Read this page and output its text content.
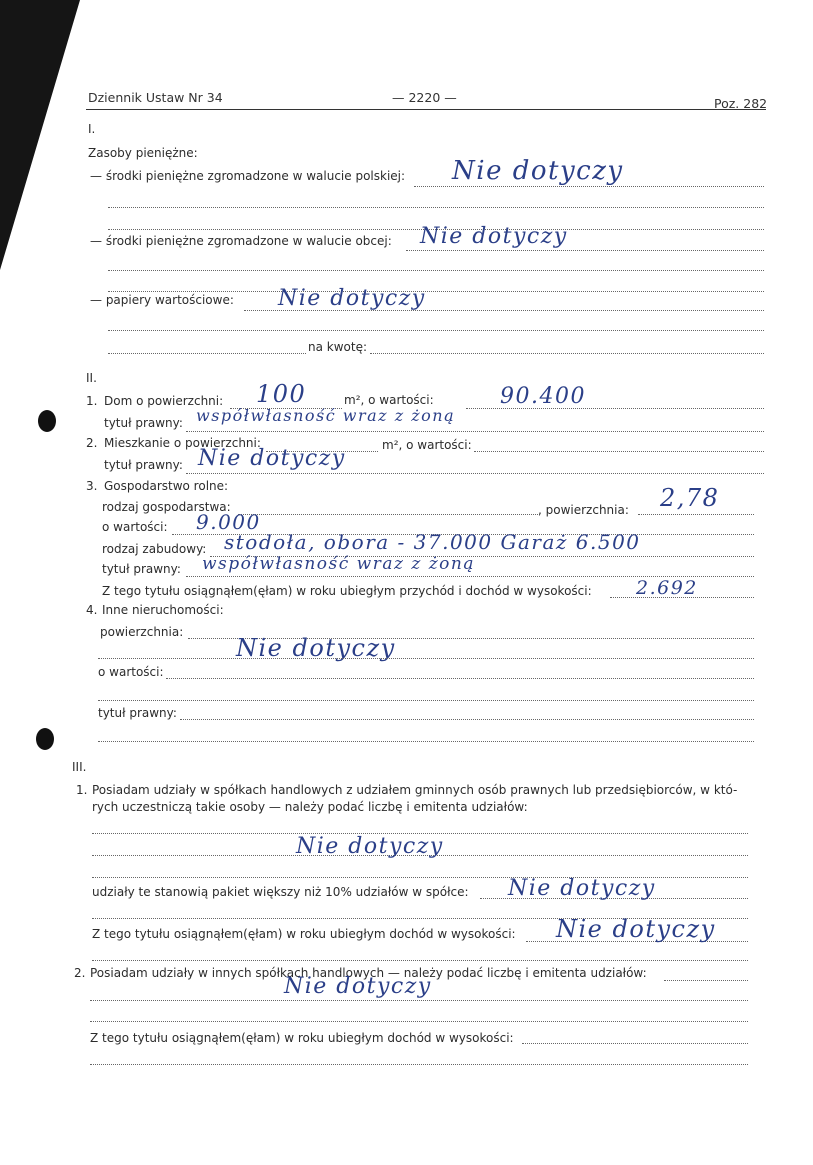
Dziennik Ustaw Nr 34	— 2220 —	Poz. 282
I.
Zasoby pieniężne:
— środki pieniężne zgromadzone w walucie polskiej: Nie dotyczy
— środki pieniężne zgromadzone w walucie obcej: Nie dotyczy
— papiery wartościowe: Nie dotyczy
na kwotę:
II.
1. Dom o powierzchni: 100	m², o wartości:	90.400
tytuł prawny: współwłasność wraz z żoną
2. Mieszkanie o powierzchni:	m², o wartości:
tytuł prawny: Nie dotyczy
3. Gospodarstwo rolne:
rodzaj gospodarstwa:	, powierzchnia: 2,78
o wartości: 9.000
rodzaj zabudowy: stodoła, obora - 37.000 Garaż 6.500
tytuł prawny: współwłasność wraz z żoną
Z tego tytułu osiągnąłem(ęłam) w roku ubiegłym przychód i dochód w wysokości: 2.692
4. Inne nieruchomości:
powierzchnia:
Nie dotyczy
o wartości:
tytuł prawny:
III.
1. Posiadam udziały w spółkach handlowych z udziałem gminnych osób prawnych lub przedsiębiorców, w któ-
rych uczestniczą takie osoby — należy podać liczbę i emitenta udziałów:
Nie dotyczy
udziały te stanowią pakiet większy niż 10% udziałów w spółce: Nie dotyczy
Z tego tytułu osiągnąłem(ęłam) w roku ubiegłym dochód w wysokości: Nie dotyczy
2. Posiadam udziały w innych spółkach handlowych — należy podać liczbę i emitenta udziałów:
Nie dotyczy
Z tego tytułu osiągnąłem(ęłam) w roku ubiegłym dochód w wysokości:
